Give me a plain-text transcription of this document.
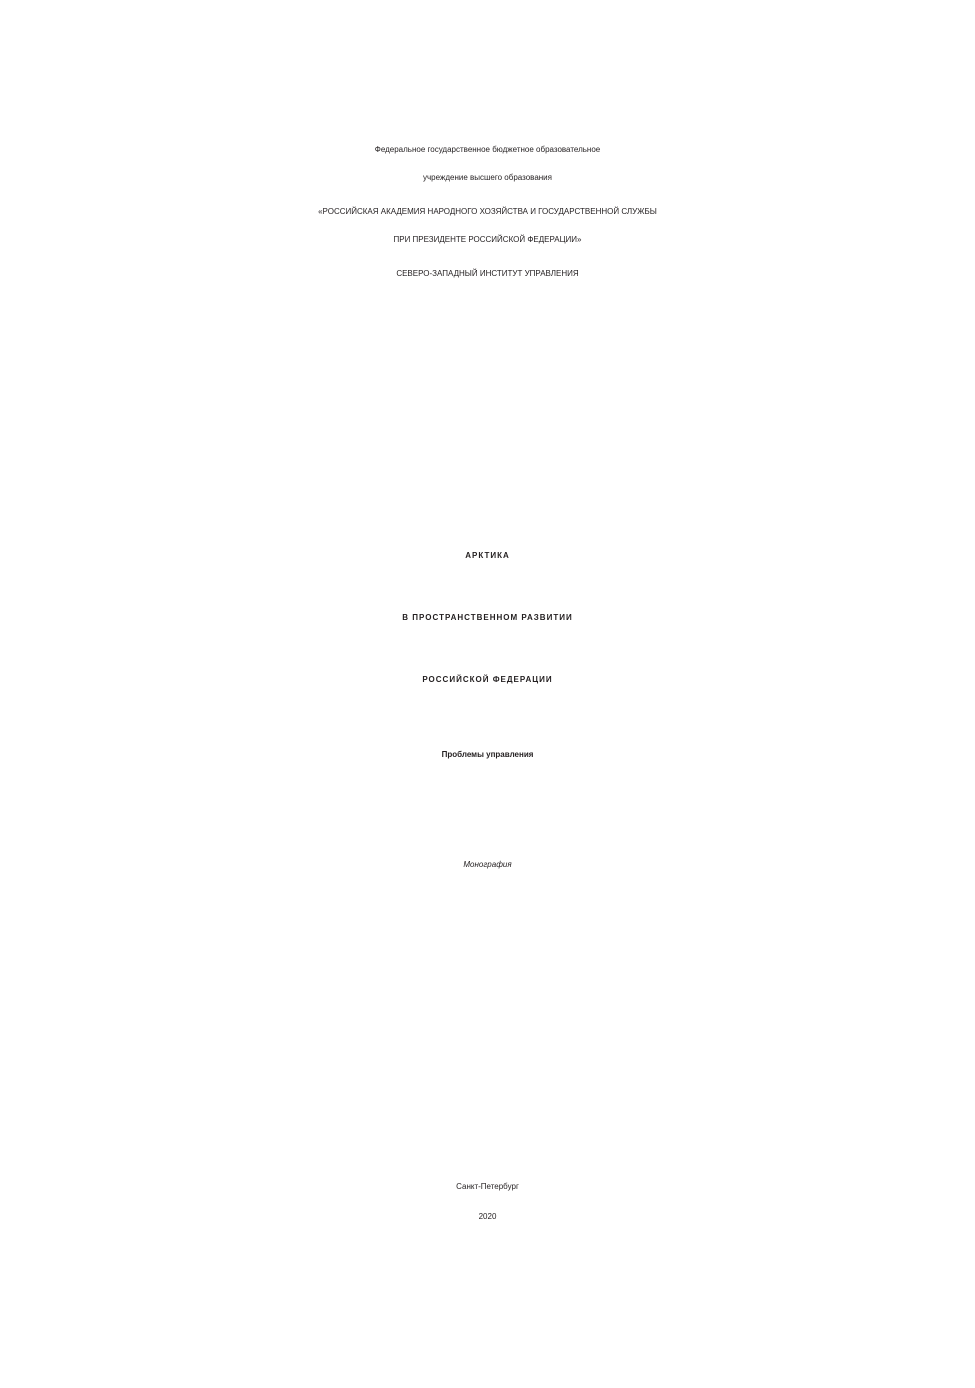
Федеральное государственное бюджетное образовательное
учреждение высшего образования
«РОССИЙСКАЯ АКАДЕМИЯ НАРОДНОГО ХОЗЯЙСТВА И ГОСУДАРСТВЕННОЙ СЛУЖБЫ
ПРИ ПРЕЗИДЕНТЕ РОССИЙСКОЙ ФЕДЕРАЦИИ»
СЕВЕРО-ЗАПАДНЫЙ ИНСТИТУТ УПРАВЛЕНИЯ
АРКТИКА
В ПРОСТРАНСТВЕННОМ РАЗВИТИИ
РОССИЙСКОЙ ФЕДЕРАЦИИ
Проблемы управления
Монография
Санкт-Петербург
2020
